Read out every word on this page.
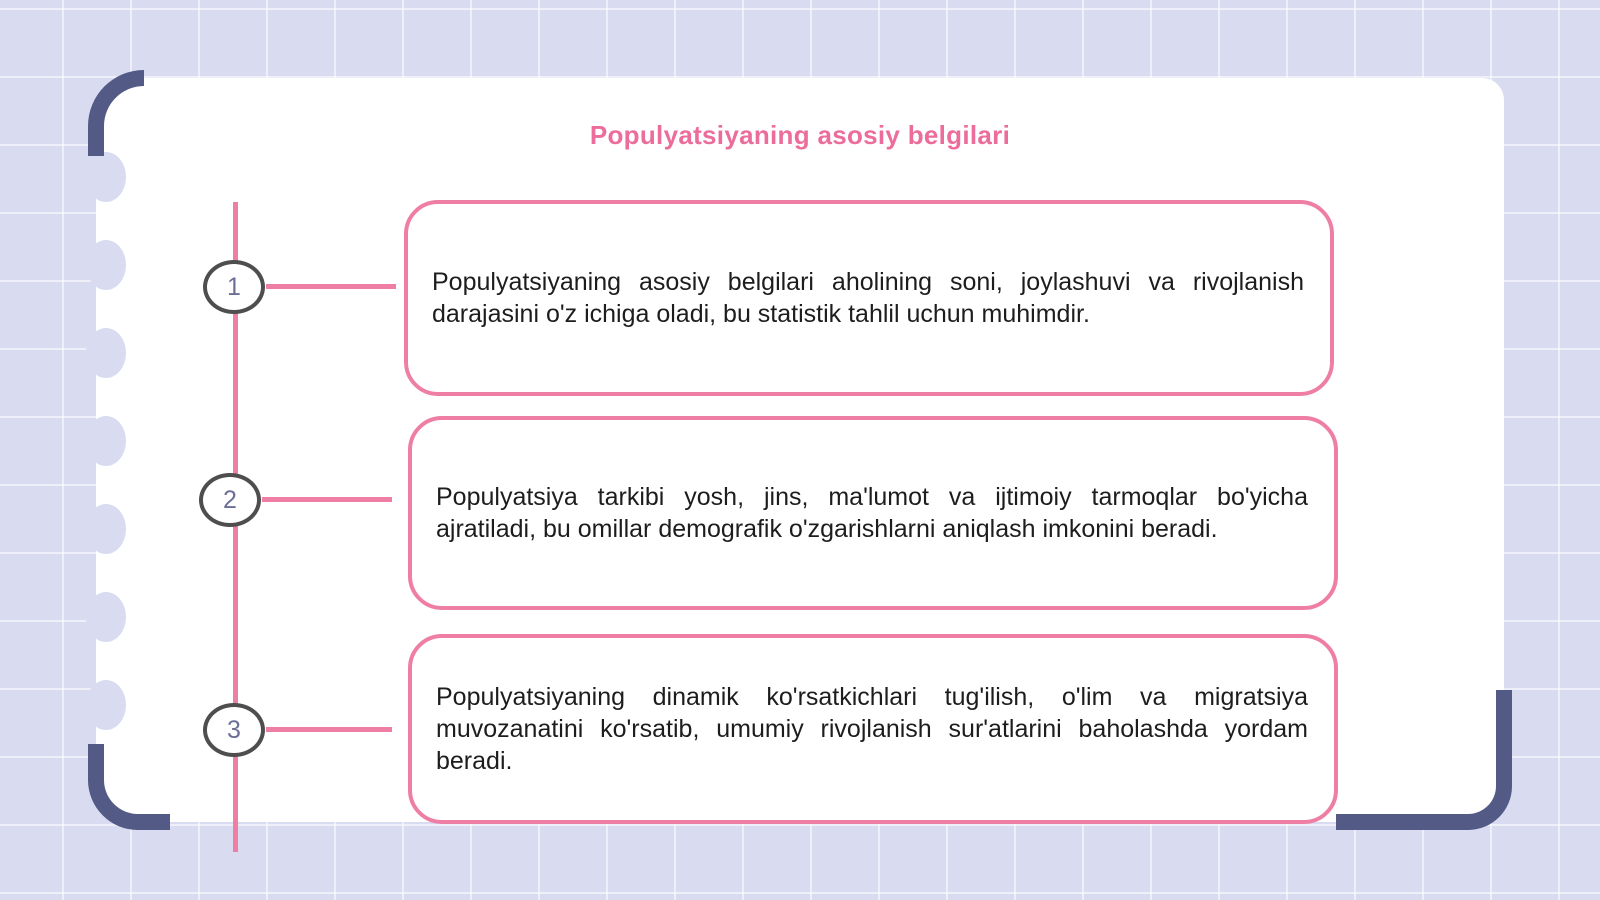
Populyatsiyaning asosiy belgilari
1
2
3
Populyatsiyaning asosiy belgilari aholining soni, joylashuvi va rivojlanish darajasini o'z ichiga oladi, bu statistik tahlil uchun muhimdir.
Populyatsiya tarkibi yosh, jins, ma'lumot va ijtimoiy tarmoqlar bo'yicha ajratiladi, bu omillar demografik o'zgarishlarni aniqlash imkonini beradi.
Populyatsiyaning dinamik ko'rsatkichlari tug'ilish, o'lim va migratsiya muvozanatini ko'rsatib, umumiy rivojlanish sur'atlarini baholashda yordam beradi.
